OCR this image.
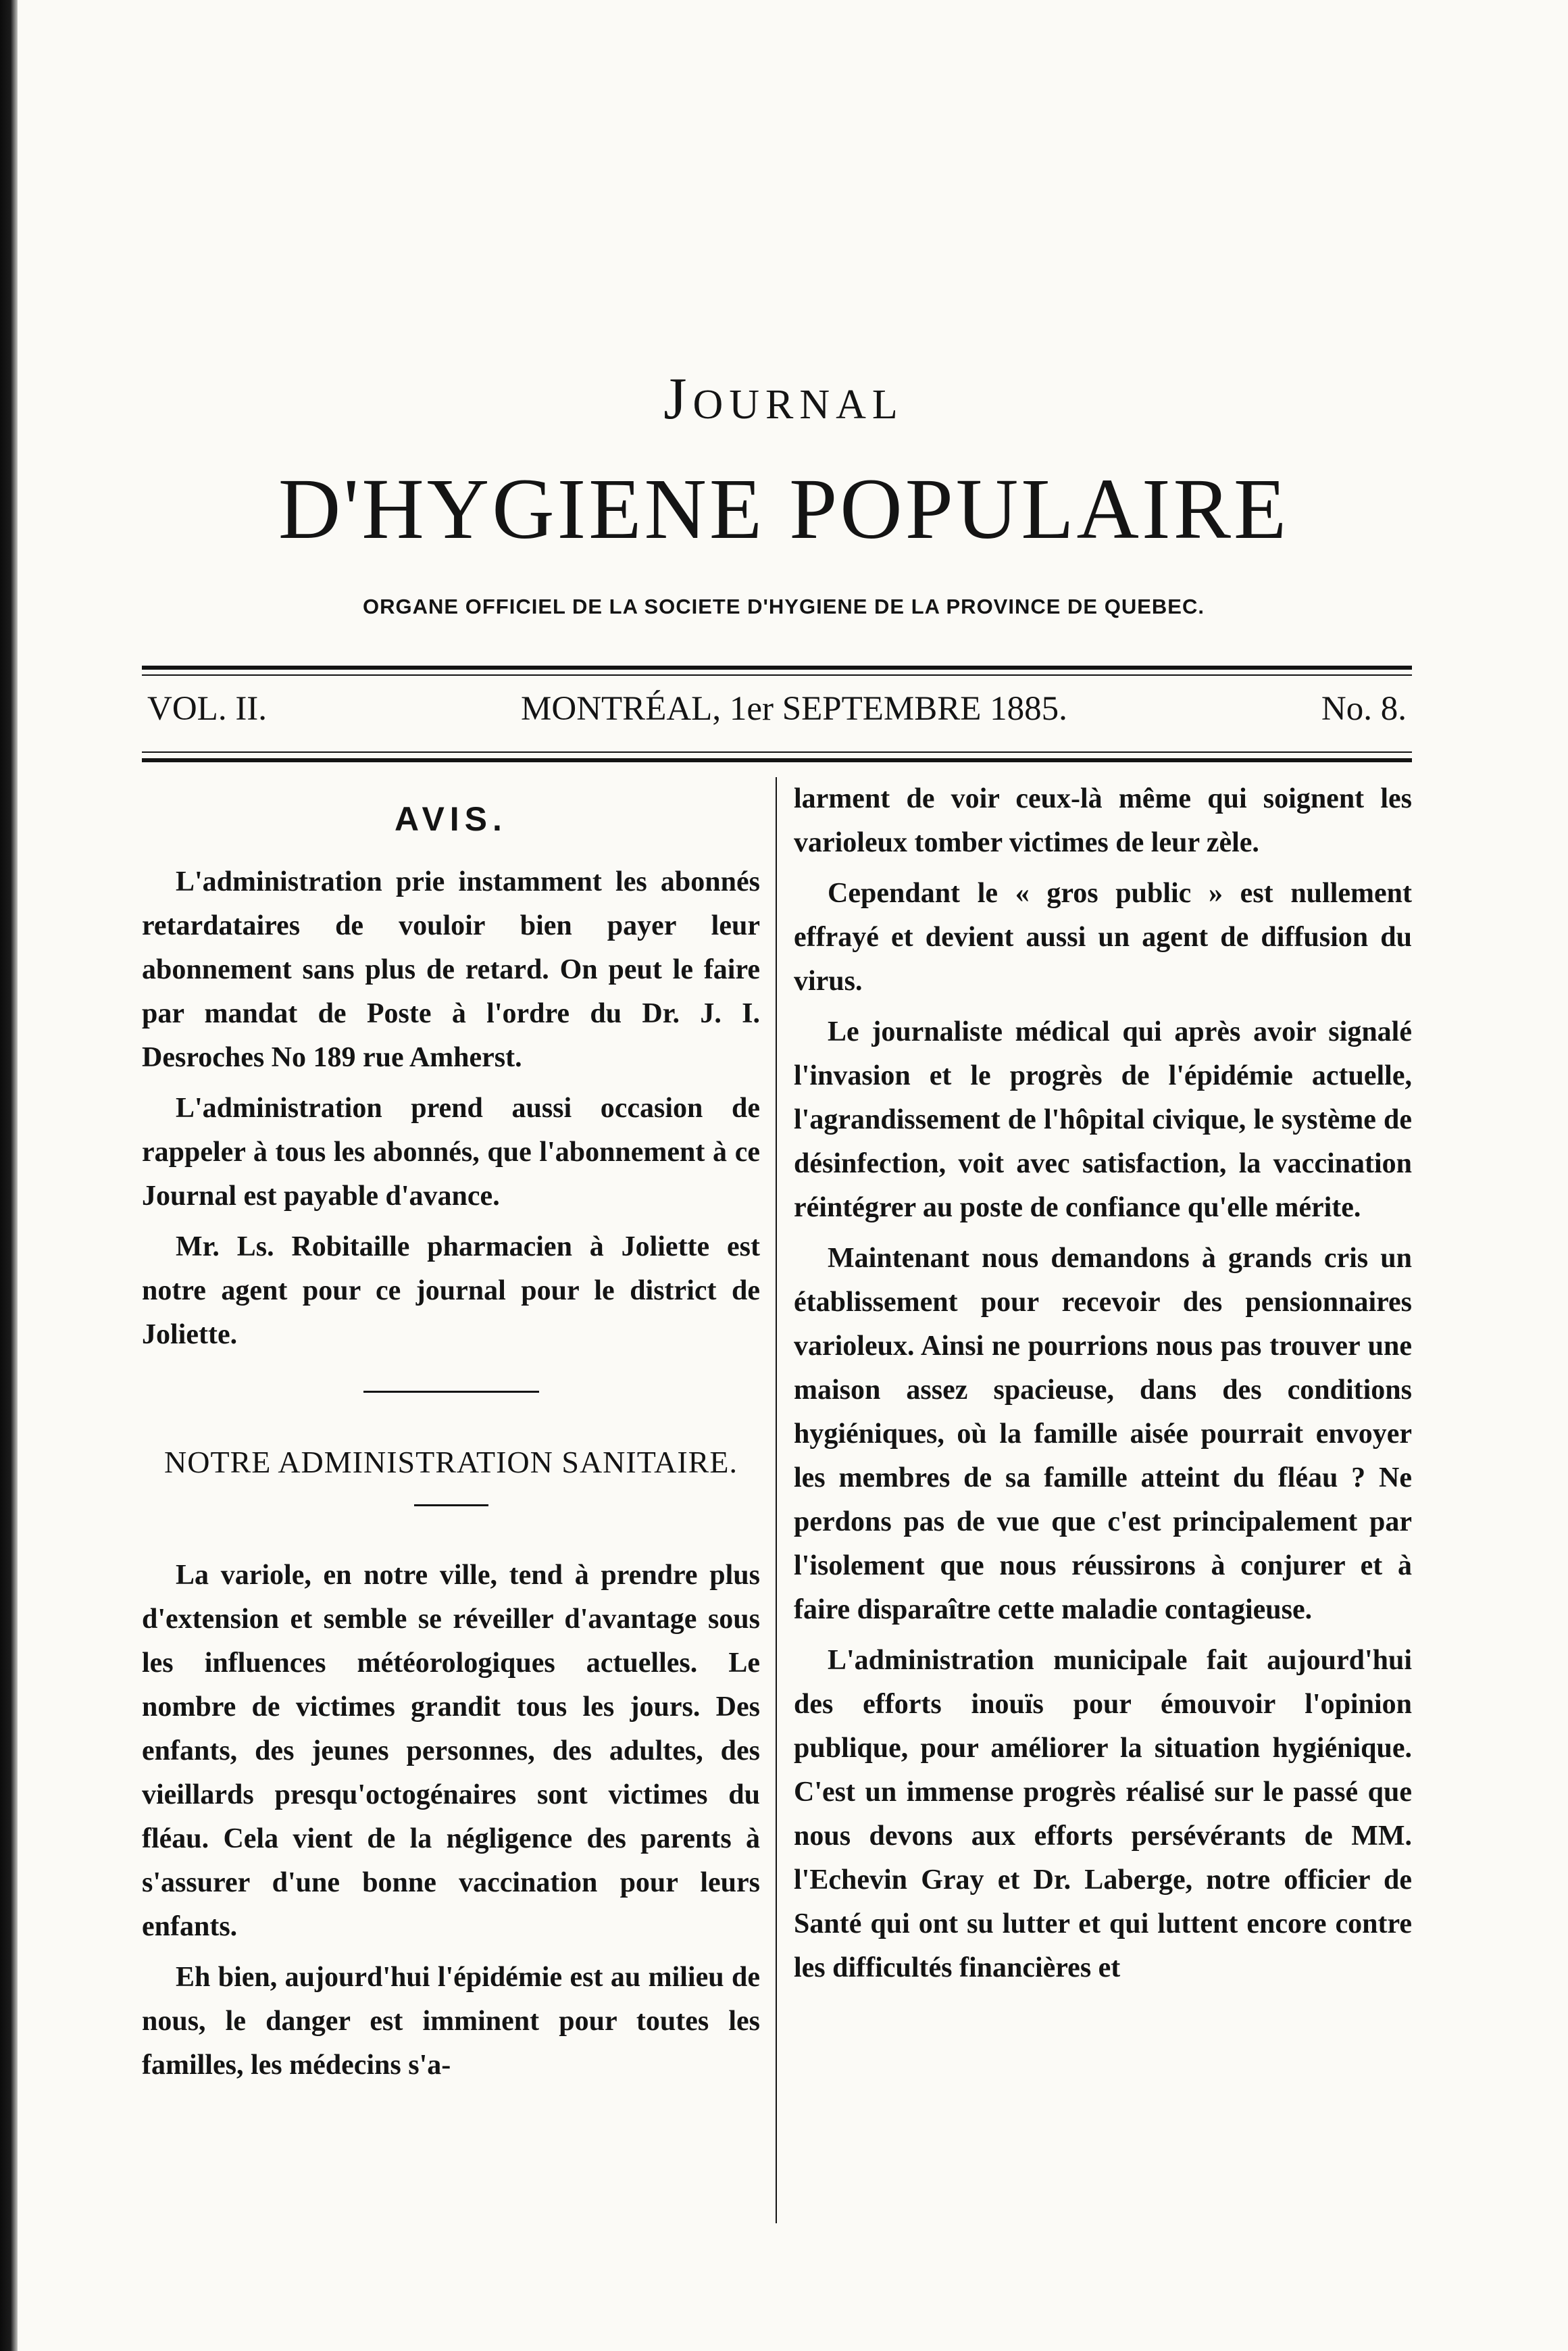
Journal
D'HYGIENE POPULAIRE
ORGANE OFFICIEL DE LA SOCIETE D'HYGIENE DE LA PROVINCE DE QUEBEC.
VOL. II.	MONTRÉAL, 1er SEPTEMBRE 1885.	No. 8.
AVIS.

L'administration prie instamment les abonnés retardataires de vouloir bien payer leur abonnement sans plus de retard. On peut le faire par mandat de Poste à l'ordre du Dr. J. I. Desroches No 189 rue Amherst.

L'administration prend aussi occasion de rappeler à tous les abonnés, que l'abonnement à ce Journal est payable d'avance.

Mr. Ls. Robitaille pharmacien à Joliette est notre agent pour ce journal pour le district de Joliette.

NOTRE ADMINISTRATION SANITAIRE.

La variole, en notre ville, tend à prendre plus d'extension et semble se réveiller d'avantage sous les influences météorologiques actuelles. Le nombre de victimes grandit tous les jours. Des enfants, des jeunes personnes, des adultes, des vieillards presqu'octogénaires sont victimes du fléau. Cela vient de la négligence des parents à s'assurer d'une bonne vaccination pour leurs enfants.

Eh bien, aujourd'hui l'épidémie est au milieu de nous, le danger est imminent pour toutes les familles, les médecins s'a-

larment de voir ceux-là même qui soignent les varioleux tomber victimes de leur zèle.

Cependant le « gros public » est nullement effrayé et devient aussi un agent de diffusion du virus.

Le journaliste médical qui après avoir signalé l'invasion et le progrès de l'épidémie actuelle, l'agrandissement de l'hôpital civique, le système de désinfection, voit avec satisfaction, la vaccination réintégrer au poste de confiance qu'elle mérite.

Maintenant nous demandons à grands cris un établissement pour recevoir des pensionnaires varioleux. Ainsi ne pourrions nous pas trouver une maison assez spacieuse, dans des conditions hygiéniques, où la famille aisée pourrait envoyer les membres de sa famille atteint du fléau ? Ne perdons pas de vue que c'est principalement par l'isolement que nous réussirons à conjurer et à faire disparaître cette maladie contagieuse.

L'administration municipale fait aujourd'hui des efforts inouïs pour émouvoir l'opinion publique, pour améliorer la situation hygiénique. C'est un immense progrès réalisé sur le passé que nous devons aux efforts persévérants de MM. l'Echevin Gray et Dr. Laberge, notre officier de Santé qui ont su lutter et qui luttent encore contre les difficultés financières et
